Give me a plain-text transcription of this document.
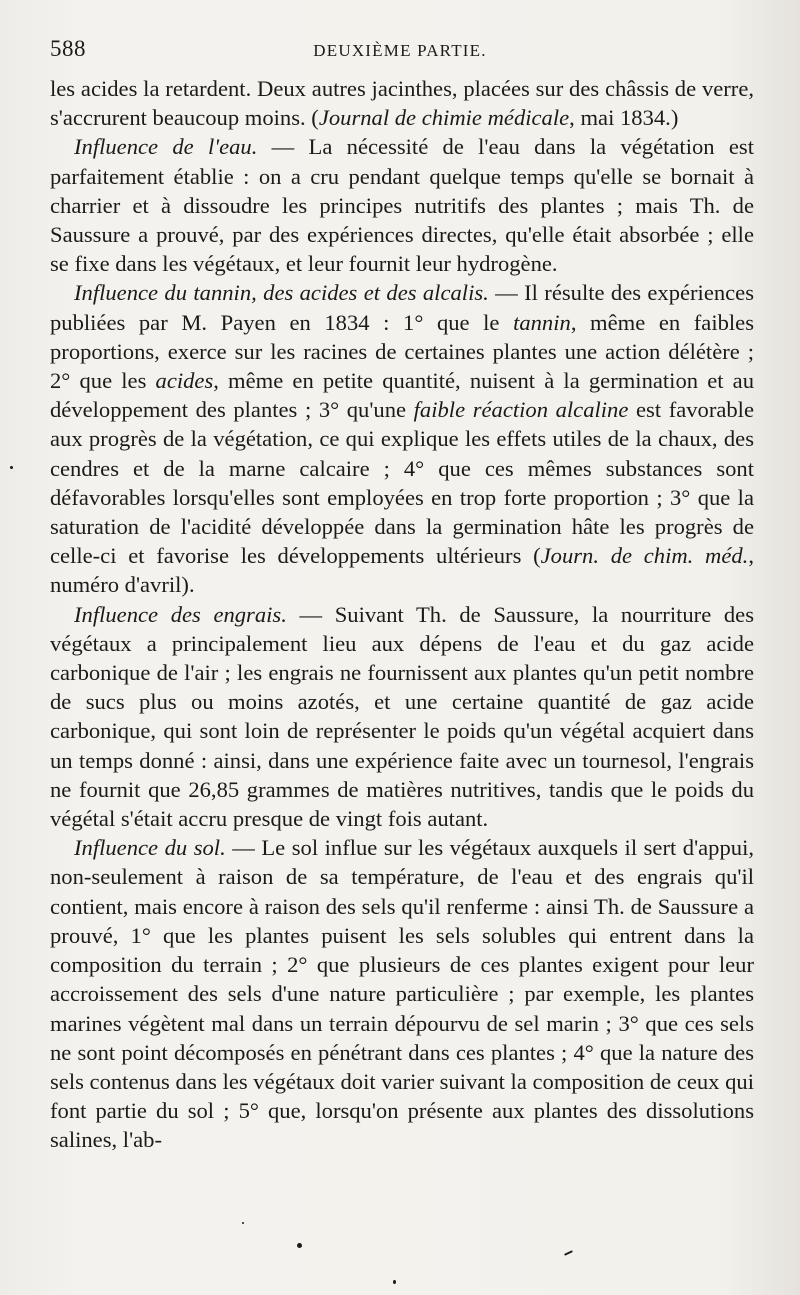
588	DEUXIÈME PARTIE.

les acides la retardent. Deux autres jacinthes, placées sur des châssis de verre, s'accrurent beaucoup moins. (Journal de chimie médicale, mai 1834.)

Influence de l'eau. — La nécessité de l'eau dans la végétation est parfaitement établie : on a cru pendant quelque temps qu'elle se bornait à charrier et à dissoudre les principes nutritifs des plantes ; mais Th. de Saussure a prouvé, par des expériences directes, qu'elle était absorbée ; elle se fixe dans les végétaux, et leur fournit leur hydrogène.

Influence du tannin, des acides et des alcalis. — Il résulte des expériences publiées par M. Payen en 1834 : 1° que le tannin, même en faibles proportions, exerce sur les racines de certaines plantes une action délétère ; 2° que les acides, même en petite quantité, nuisent à la germination et au développement des plantes ; 3° qu'une faible réaction alcaline est favorable aux progrès de la végétation, ce qui explique les effets utiles de la chaux, des cendres et de la marne calcaire ; 4° que ces mêmes substances sont défavorables lorsqu'elles sont employées en trop forte proportion ; 3° que la saturation de l'acidité développée dans la germination hâte les progrès de celle-ci et favorise les développements ultérieurs (Journ. de chim. méd., numéro d'avril).

Influence des engrais. — Suivant Th. de Saussure, la nourriture des végétaux a principalement lieu aux dépens de l'eau et du gaz acide carbonique de l'air ; les engrais ne fournissent aux plantes qu'un petit nombre de sucs plus ou moins azotés, et une certaine quantité de gaz acide carbonique, qui sont loin de représenter le poids qu'un végétal acquiert dans un temps donné : ainsi, dans une expérience faite avec un tournesol, l'engrais ne fournit que 26,85 grammes de matières nutritives, tandis que le poids du végétal s'était accru presque de vingt fois autant.

Influence du sol. — Le sol influe sur les végétaux auxquels il sert d'appui, non-seulement à raison de sa température, de l'eau et des engrais qu'il contient, mais encore à raison des sels qu'il renferme : ainsi Th. de Saussure a prouvé, 1° que les plantes puisent les sels solubles qui entrent dans la composition du terrain ; 2° que plusieurs de ces plantes exigent pour leur accroissement des sels d'une nature particulière ; par exemple, les plantes marines végètent mal dans un terrain dépourvu de sel marin ; 3° que ces sels ne sont point décomposés en pénétrant dans ces plantes ; 4° que la nature des sels contenus dans les végétaux doit varier suivant la composition de ceux qui font partie du sol ; 5° que, lorsqu'on présente aux plantes des dissolutions salines, l'ab-
